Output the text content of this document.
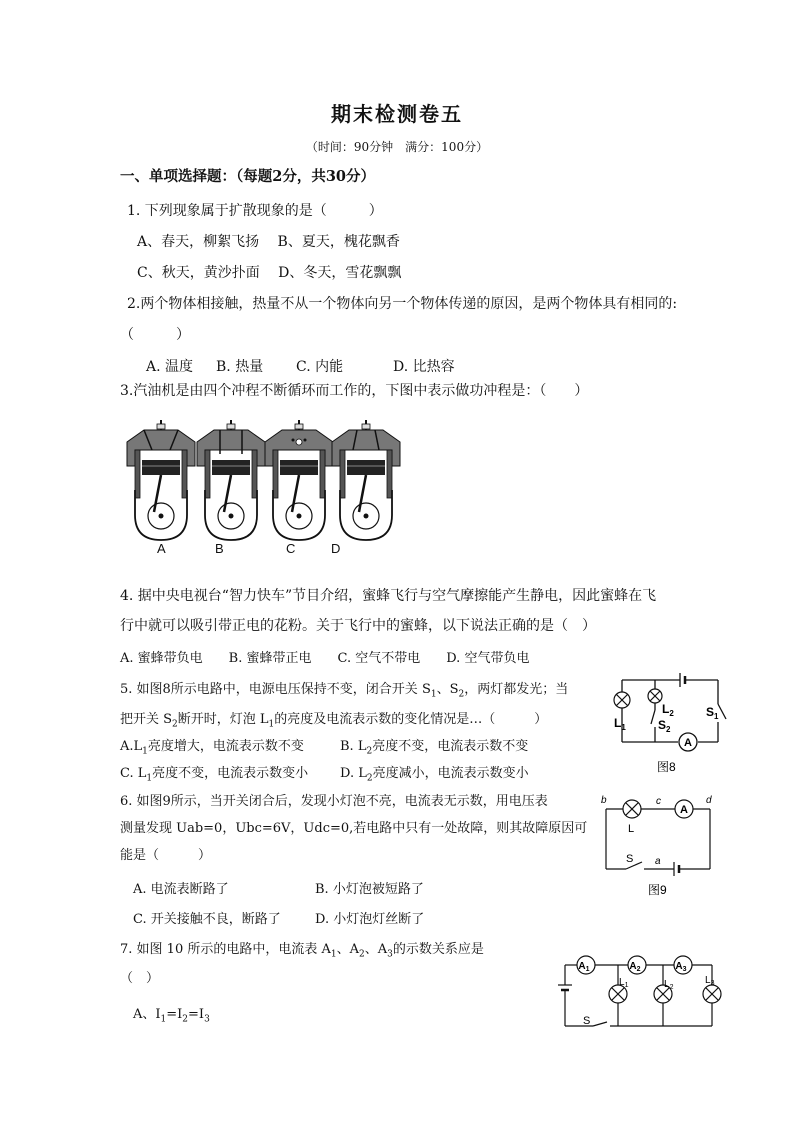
期末检测卷五
（时间：90分钟　满分：100分）
一、单项选择题：（每题2分，共30分）
1. 下列现象属于扩散现象的是（　　　）
A、春天，柳絮飞扬　 B、夏天，槐花飘香
C、秋天，黄沙扑面　 D、冬天，雪花飘飘
2.两个物体相接触，热量不从一个物体向另一个物体传递的原因，是两个物体具有相同的:
（　　　）
A. 温度 B. 热量 C. 内能	D. 比热容
3.汽油机是由四个冲程不断循环而工作的，下图中表示做功冲程是：（　　）
A	B	C	D
4. 据中央电视台“智力快车”节目介绍，蜜蜂飞行与空气摩擦能产生静电，因此蜜蜂在飞
行中就可以吸引带正电的花粉。关于飞行中的蜜蜂，以下说法正确的是（　）
A. 蜜蜂带负电　　B. 蜜蜂带正电　　C. 空气不带电　　D. 空气带负电
5. 如图8所示电路中，电源电压保持不变，闭合开关 $S_1$、$S_2$，两灯都发光；当
把开关 $S_2$断开时，灯泡 $L_1$的亮度及电流表示数的变化情况是…（　　　）
$A.L_1$亮度增大，电流表示数不变	B. $L_2$亮度不变，电流表示数不变
C. $L_1$亮度不变，电流表示数变小 D. $L_2$亮度减小，电流表示数变小
A
$L_1$
$L_2$
$S_2$
$S_1$
图8
6. 如图9所示，当开关闭合后，发现小灯泡不亮，电流表无示数，用电压表
测量发现 Uab=0，Ubc=6V，Udc=0,若电路中只有一处故障，则其故障原因可
能是（　　　）
A. 电流表断路了	B. 小灯泡被短路了
C. 开关接触不良，断路了	D. 小灯泡灯丝断了
A
b	c	d
a
L
S
图9
7. 如图 10 所示的电路中，电流表 $A_1$、$A_2$、$A_3$的示数关系应是
（　）
A、$I_1=I_2=I_3$
$A_1$	$A_2$	$A_3$
$L_1$	$L_2$
$L_3$
S
